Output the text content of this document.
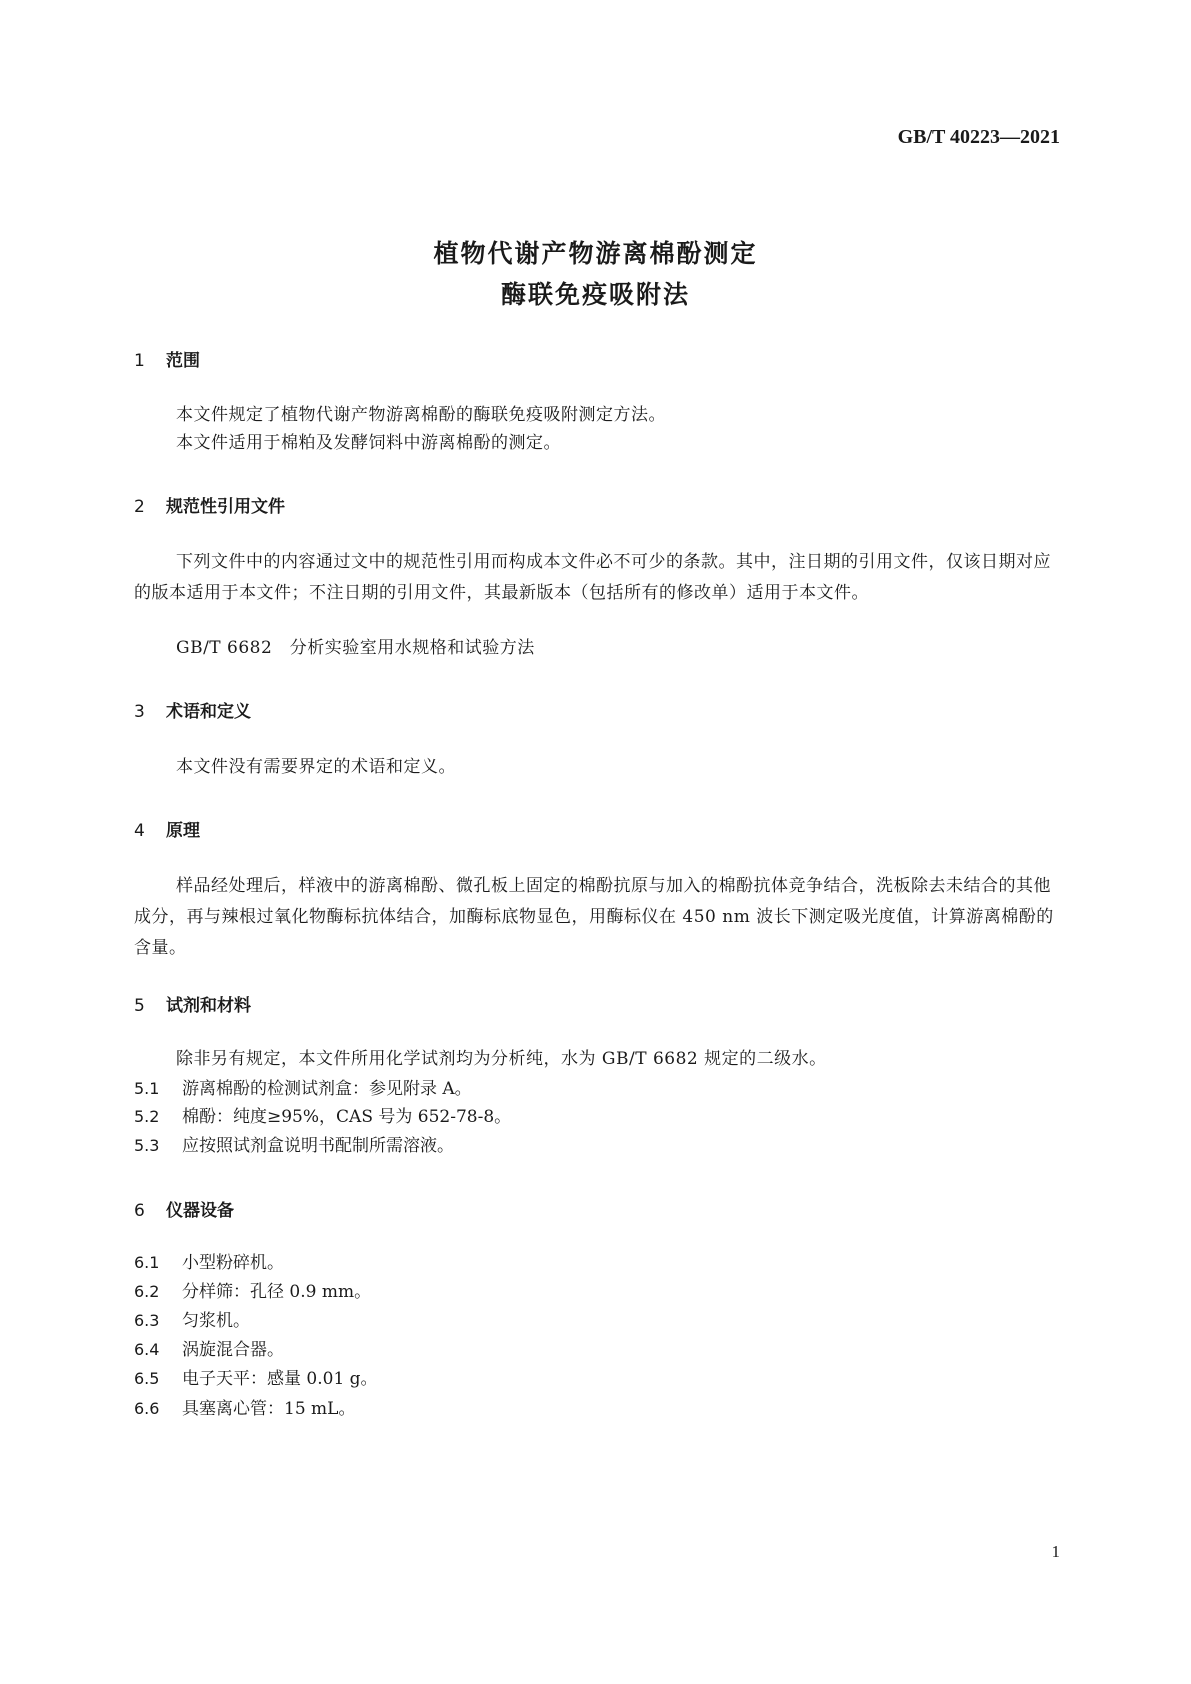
GB/T 40223—2021
植物代谢产物游离棉酚测定
酶联免疫吸附法
1 范围
本文件规定了植物代谢产物游离棉酚的酶联免疫吸附测定方法。
本文件适用于棉粕及发酵饲料中游离棉酚的测定。
2 规范性引用文件
下列文件中的内容通过文中的规范性引用而构成本文件必不可少的条款。其中，注日期的引用文件，仅该日期对应的版本适用于本文件；不注日期的引用文件，其最新版本（包括所有的修改单）适用于本文件。
GB/T 6682　分析实验室用水规格和试验方法
3 术语和定义
本文件没有需要界定的术语和定义。
4 原理
样品经处理后，样液中的游离棉酚、微孔板上固定的棉酚抗原与加入的棉酚抗体竞争结合，洗板除去未结合的其他成分，再与辣根过氧化物酶标抗体结合，加酶标底物显色，用酶标仪在 450 nm 波长下测定吸光度值，计算游离棉酚的含量。
5 试剂和材料
除非另有规定，本文件所用化学试剂均为分析纯，水为 GB/T 6682 规定的二级水。
5.1 游离棉酚的检测试剂盒：参见附录 A。
5.2 棉酚：纯度≥95%，CAS 号为 652-78-8。
5.3 应按照试剂盒说明书配制所需溶液。
6 仪器设备
6.1 小型粉碎机。
6.2 分样筛：孔径 0.9 mm。
6.3 匀浆机。
6.4 涡旋混合器。
6.5 电子天平：感量 0.01 g。
6.6 具塞离心管：15 mL。
1
